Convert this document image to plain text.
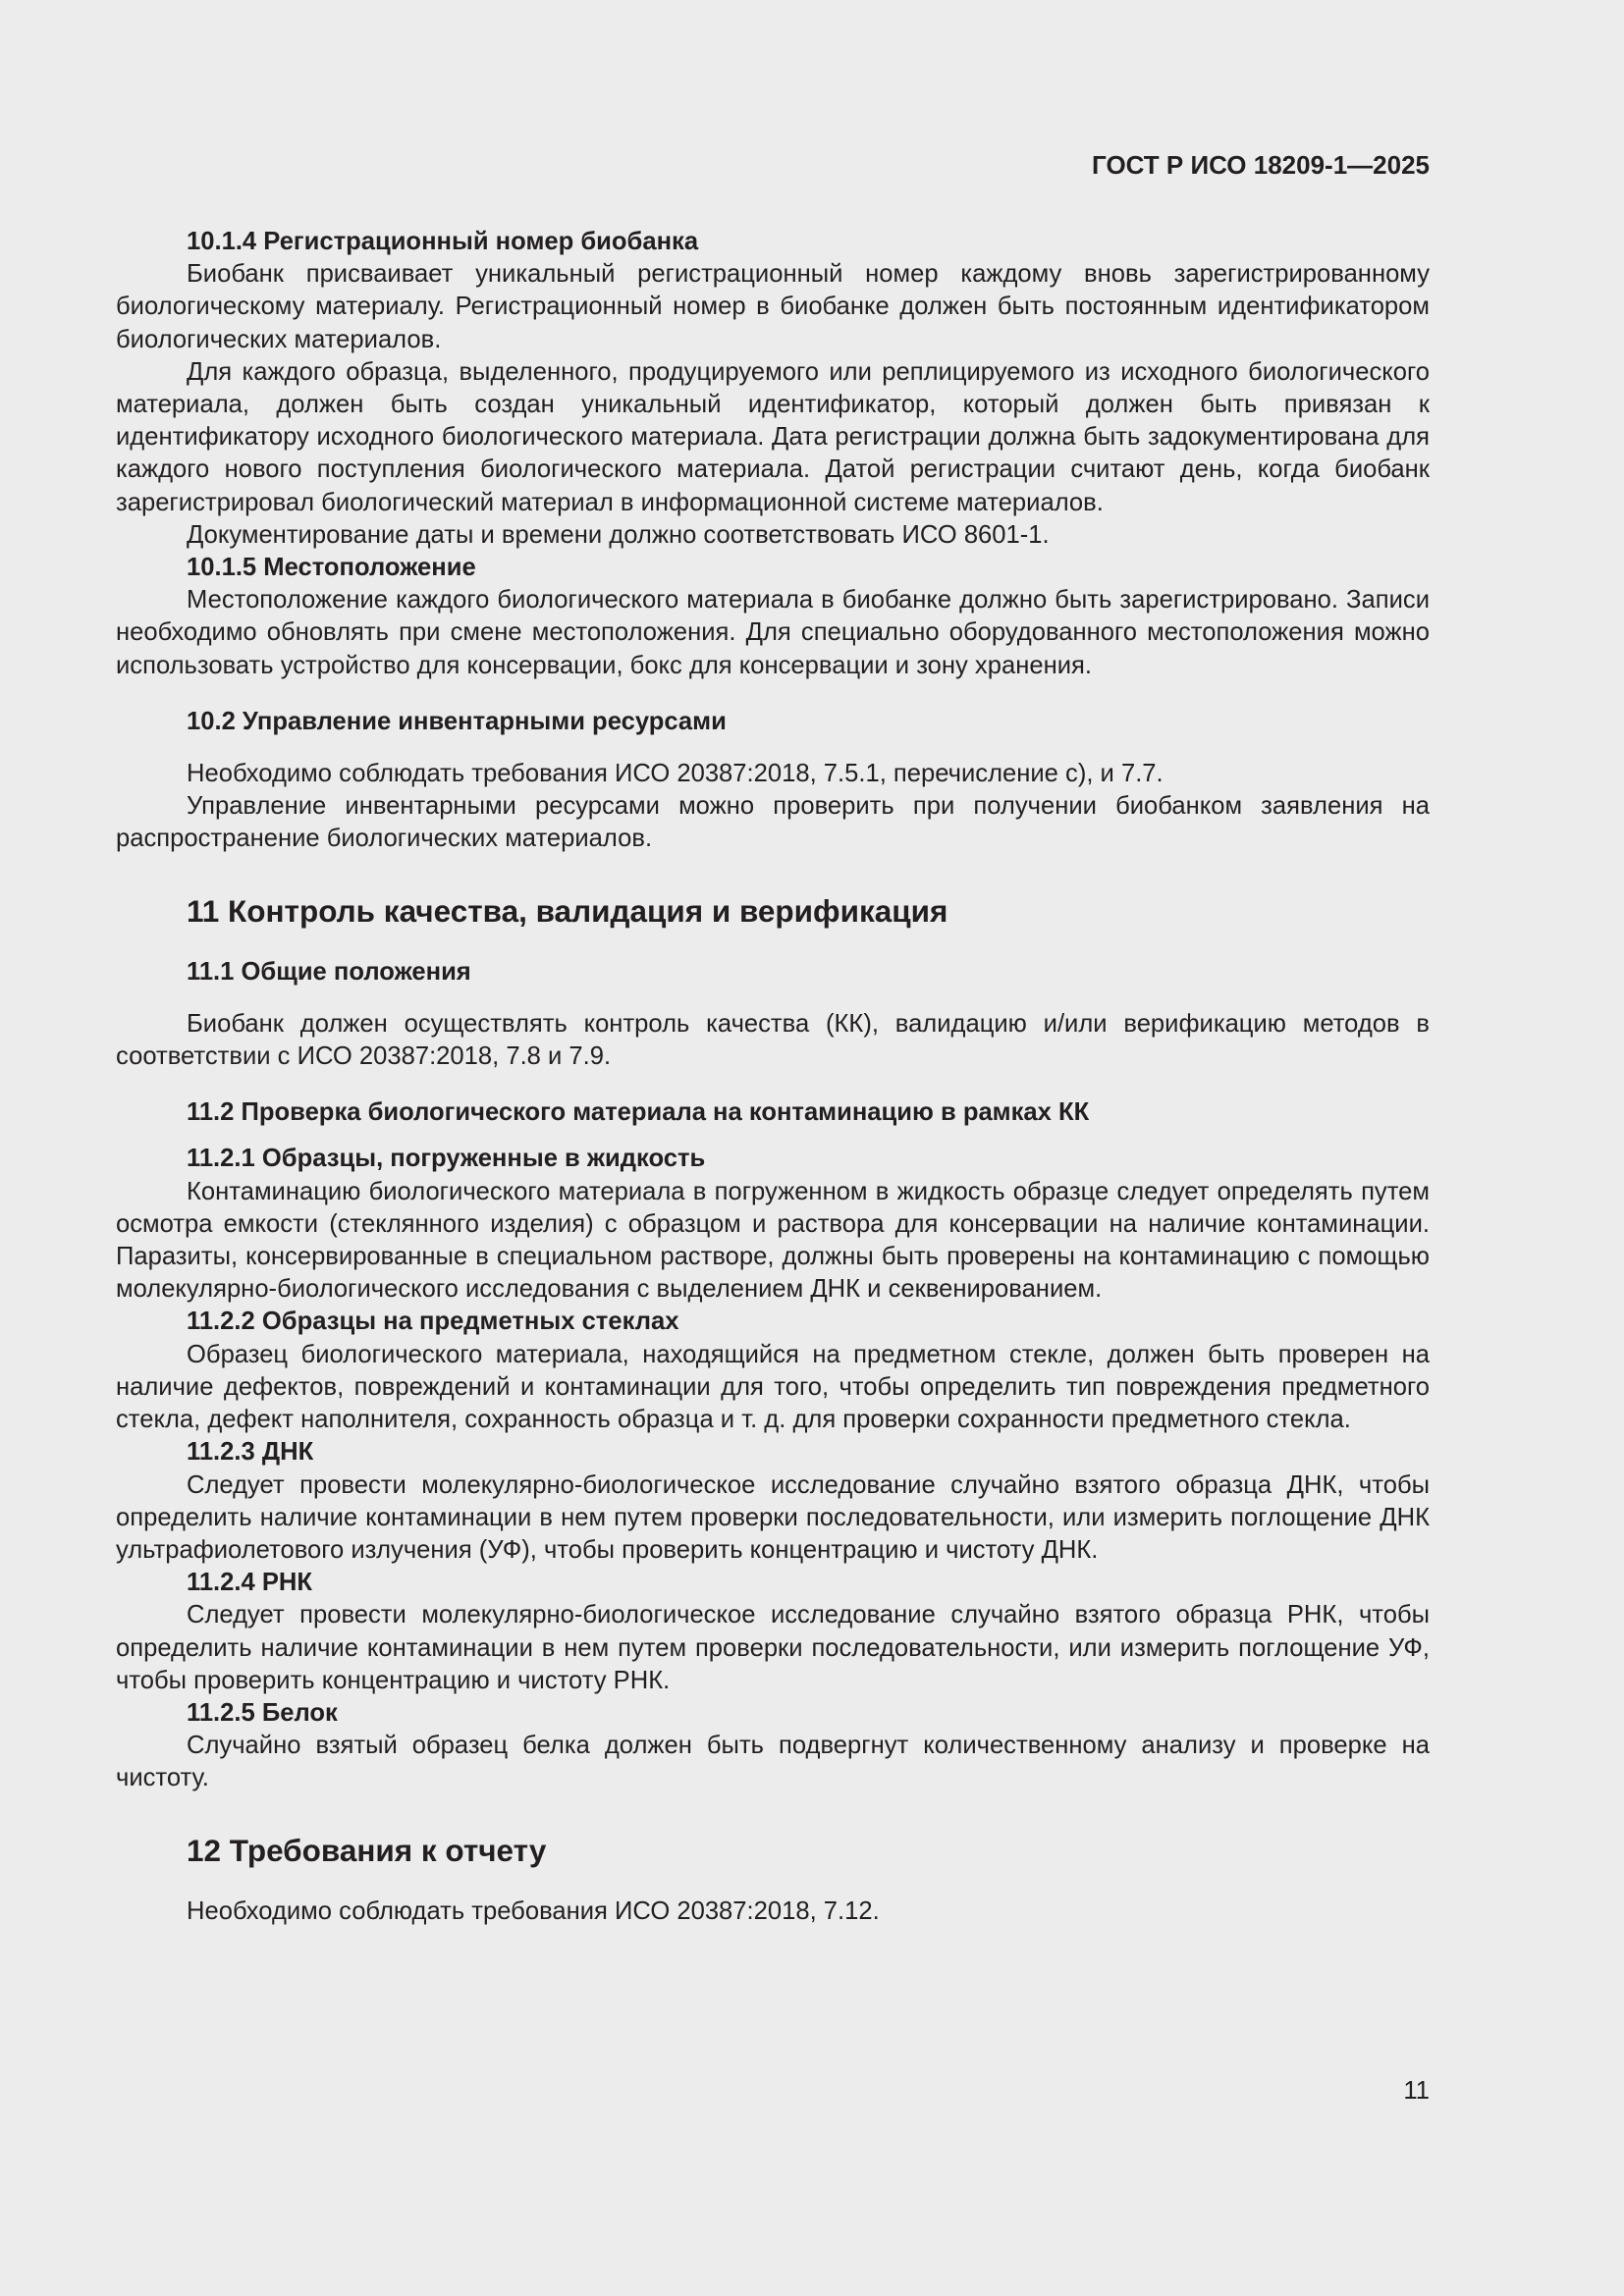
ГОСТ Р ИСО 18209-1—2025

10.1.4 Регистрационный номер биобанка

Биобанк присваивает уникальный регистрационный номер каждому вновь зарегистрированному биологическому материалу. Регистрационный номер в биобанке должен быть постоянным идентификатором биологических материалов.

Для каждого образца, выделенного, продуцируемого или реплицируемого из исходного биологического материала, должен быть создан уникальный идентификатор, который должен быть привязан к идентификатору исходного биологического материала. Дата регистрации должна быть задокументирована для каждого нового поступления биологического материала. Датой регистрации считают день, когда биобанк зарегистрировал биологический материал в информационной системе материалов.

Документирование даты и времени должно соответствовать ИСО 8601-1.

10.1.5 Местоположение

Местоположение каждого биологического материала в биобанке должно быть зарегистрировано. Записи необходимо обновлять при смене местоположения. Для специально оборудованного местоположения можно использовать устройство для консервации, бокс для консервации и зону хранения.

10.2 Управление инвентарными ресурсами

Необходимо соблюдать требования ИСО 20387:2018, 7.5.1, перечисление с), и 7.7.

Управление инвентарными ресурсами можно проверить при получении биобанком заявления на распространение биологических материалов.

11 Контроль качества, валидация и верификация

11.1 Общие положения

Биобанк должен осуществлять контроль качества (КК), валидацию и/или верификацию методов в соответствии с ИСО 20387:2018, 7.8 и 7.9.

11.2 Проверка биологического материала на контаминацию в рамках КК

11.2.1 Образцы, погруженные в жидкость

Контаминацию биологического материала в погруженном в жидкость образце следует определять путем осмотра емкости (стеклянного изделия) с образцом и раствора для консервации на наличие контаминации. Паразиты, консервированные в специальном растворе, должны быть проверены на контаминацию с помощью молекулярно-биологического исследования с выделением ДНК и секвенированием.

11.2.2 Образцы на предметных стеклах

Образец биологического материала, находящийся на предметном стекле, должен быть проверен на наличие дефектов, повреждений и контаминации для того, чтобы определить тип повреждения предметного стекла, дефект наполнителя, сохранность образца и т. д. для проверки сохранности предметного стекла.

11.2.3 ДНК

Следует провести молекулярно-биологическое исследование случайно взятого образца ДНК, чтобы определить наличие контаминации в нем путем проверки последовательности, или измерить поглощение ДНК ультрафиолетового излучения (УФ), чтобы проверить концентрацию и чистоту ДНК.

11.2.4 РНК

Следует провести молекулярно-биологическое исследование случайно взятого образца РНК, чтобы определить наличие контаминации в нем путем проверки последовательности, или измерить поглощение УФ, чтобы проверить концентрацию и чистоту РНК.

11.2.5 Белок

Случайно взятый образец белка должен быть подвергнут количественному анализу и проверке на чистоту.

12 Требования к отчету

Необходимо соблюдать требования ИСО 20387:2018, 7.12.

11
